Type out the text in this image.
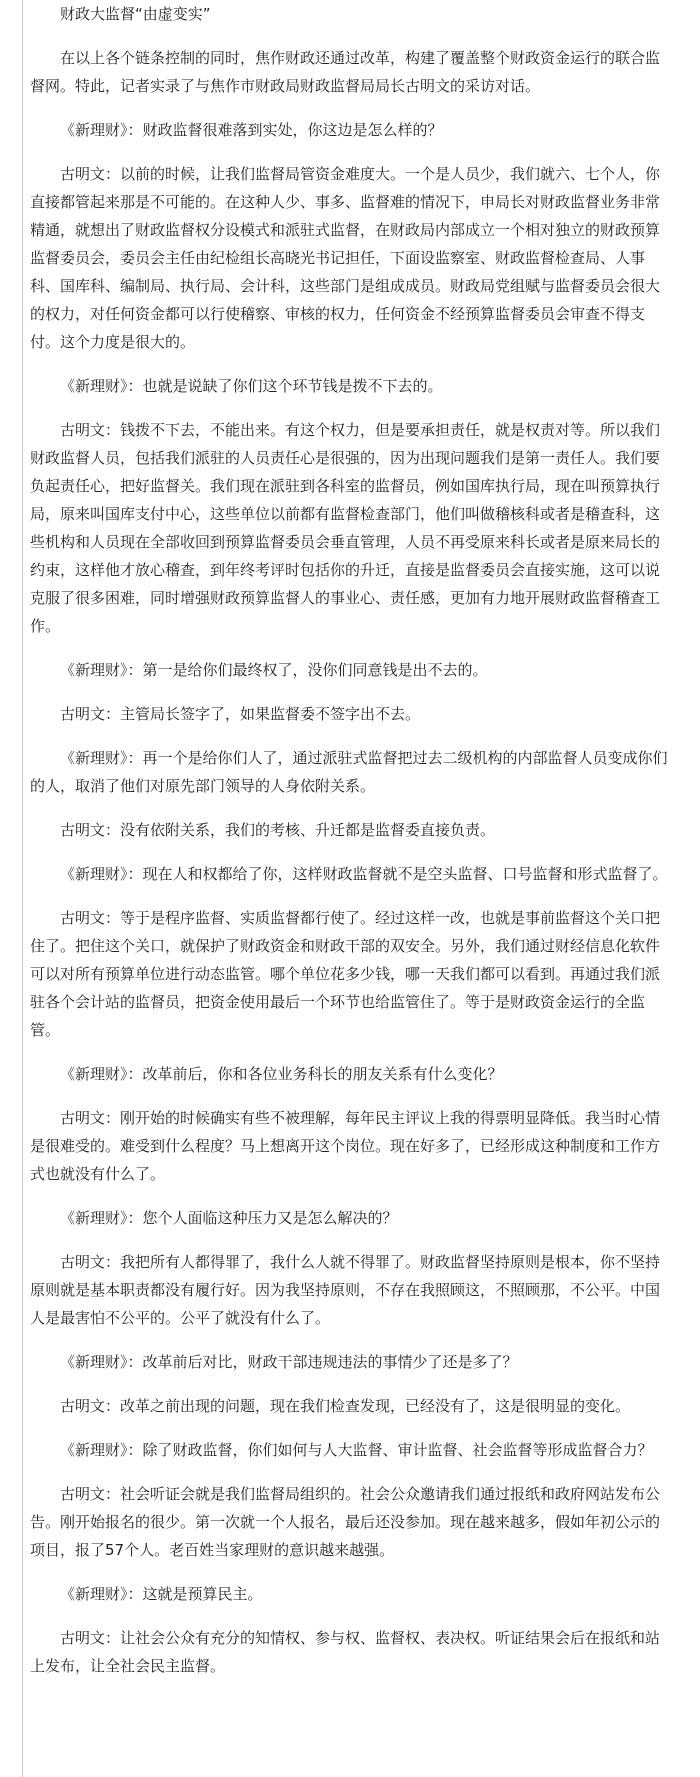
财政大监督“由虚变实”

在以上各个链条控制的同时，焦作财政还通过改革，构建了覆盖整个财政资金运行的联合监督网。特此，记者实录了与焦作市财政局财政监督局局长古明文的采访对话。

《新理财》：财政监督很难落到实处，你这边是怎么样的？

古明文：以前的时候，让我们监督局管资金难度大。一个是人员少，我们就六、七个人，你直接都管起来那是不可能的。在这种人少、事多、监督难的情况下，申局长对财政监督业务非常精通，就想出了财政监督权分设模式和派驻式监督，在财政局内部成立一个相对独立的财政预算监督委员会，委员会主任由纪检组长高晓光书记担任，下面设监察室、财政监督检查局、人事科、国库科、编制局、执行局、会计科，这些部门是组成成员。财政局党组赋与监督委员会很大的权力，对任何资金都可以行使稽察、审核的权力，任何资金不经预算监督委员会审查不得支付。这个力度是很大的。

《新理财》：也就是说缺了你们这个环节钱是拨不下去的。

古明文：钱拨不下去，不能出来。有这个权力，但是要承担责任，就是权责对等。所以我们财政监督人员，包括我们派驻的人员责任心是很强的，因为出现问题我们是第一责任人。我们要负起责任心，把好监督关。我们现在派驻到各科室的监督员，例如国库执行局，现在叫预算执行局，原来叫国库支付中心，这些单位以前都有监督检查部门，他们叫做稽核科或者是稽查科，这些机构和人员现在全部收回到预算监督委员会垂直管理，人员不再受原来科长或者是原来局长的约束，这样他才放心稽查，到年终考评时包括你的升迁，直接是监督委员会直接实施，这可以说克服了很多困难，同时增强财政预算监督人的事业心、责任感，更加有力地开展财政监督稽查工作。

《新理财》：第一是给你们最终权了，没你们同意钱是出不去的。

古明文：主管局长签字了，如果监督委不签字出不去。

《新理财》：再一个是给你们人了，通过派驻式监督把过去二级机构的内部监督人员变成你们的人，取消了他们对原先部门领导的人身依附关系。

古明文：没有依附关系，我们的考核、升迁都是监督委直接负责。

《新理财》：现在人和权都给了你，这样财政监督就不是空头监督、口号监督和形式监督了。

古明文：等于是程序监督、实质监督都行使了。经过这样一改，也就是事前监督这个关口把住了。把住这个关口，就保护了财政资金和财政干部的双安全。另外，我们通过财经信息化软件可以对所有预算单位进行动态监管。哪个单位花多少钱，哪一天我们都可以看到。再通过我们派驻各个会计站的监督员，把资金使用最后一个环节也给监管住了。等于是财政资金运行的全监管。

《新理财》：改革前后，你和各位业务科长的朋友关系有什么变化？

古明文：刚开始的时候确实有些不被理解，每年民主评议上我的得票明显降低。我当时心情是很难受的。难受到什么程度？马上想离开这个岗位。现在好多了，已经形成这种制度和工作方式也就没有什么了。

《新理财》：您个人面临这种压力又是怎么解决的？

古明文：我把所有人都得罪了，我什么人就不得罪了。财政监督坚持原则是根本，你不坚持原则就是基本职责都没有履行好。因为我坚持原则，不存在我照顾这，不照顾那，不公平。中国人是最害怕不公平的。公平了就没有什么了。

《新理财》：改革前后对比，财政干部违规违法的事情少了还是多了？

古明文：改革之前出现的问题，现在我们检查发现，已经没有了，这是很明显的变化。

《新理财》：除了财政监督，你们如何与人大监督、审计监督、社会监督等形成监督合力？

古明文：社会听证会就是我们监督局组织的。社会公众邀请我们通过报纸和政府网站发布公告。刚开始报名的很少。第一次就一个人报名，最后还没参加。现在越来越多，假如年初公示的项目，报了57个人。老百姓当家理财的意识越来越强。

《新理财》：这就是预算民主。

古明文：让社会公众有充分的知情权、参与权、监督权、表决权。听证结果会后在报纸和站上发布，让全社会民主监督。
